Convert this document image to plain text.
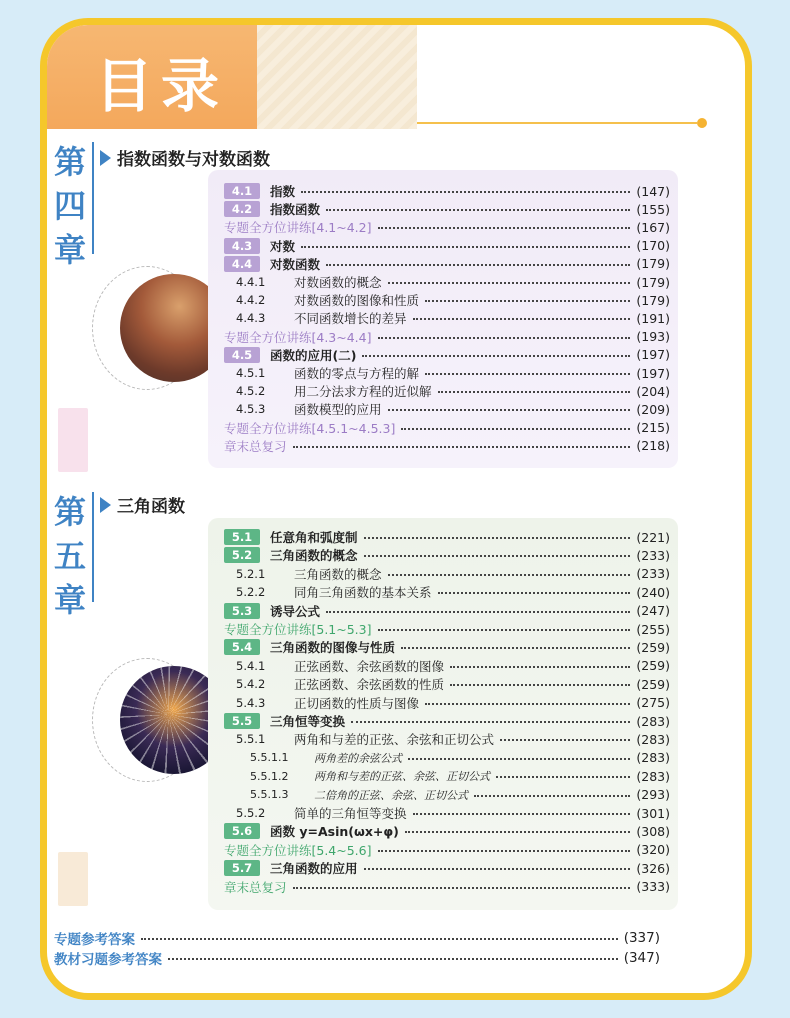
目录
第
四
章
指数函数与对数函数
4.1	指数	(147)
4.2	指数函数	(155)
专题全方位讲练[4.1~4.2]	(167)
4.3	对数	(170)
4.4	对数函数	(179)
4.4.1	对数函数的概念	(179)
4.4.2	对数函数的图像和性质	(179)
4.4.3	不同函数增长的差异	(191)
专题全方位讲练[4.3~4.4]	(193)
4.5	函数的应用(二)	(197)
4.5.1	函数的零点与方程的解	(197)
4.5.2	用二分法求方程的近似解	(204)
4.5.3	函数模型的应用	(209)
专题全方位讲练[4.5.1~4.5.3]	(215)
章末总复习	(218)
第
五
章
三角函数
5.1	任意角和弧度制	(221)
5.2	三角函数的概念	(233)
5.2.1	三角函数的概念	(233)
5.2.2	同角三角函数的基本关系	(240)
5.3	诱导公式	(247)
专题全方位讲练[5.1~5.3]	(255)
5.4	三角函数的图像与性质	(259)
5.4.1	正弦函数、余弦函数的图像	(259)
5.4.2	正弦函数、余弦函数的性质	(259)
5.4.3	正切函数的性质与图像	(275)
5.5	三角恒等变换	(283)
5.5.1	两角和与差的正弦、余弦和正切公式	(283)
5.5.1.1	两角差的余弦公式	(283)
5.5.1.2	两角和与差的正弦、余弦、正切公式	(283)
5.5.1.3	二倍角的正弦、余弦、正切公式	(293)
5.5.2	简单的三角恒等变换	(301)
5.6	函数 y=Asin(ωx+φ)	(308)
专题全方位讲练[5.4~5.6]	(320)
5.7	三角函数的应用	(326)
章末总复习	(333)
专题参考答案	(337)
教材习题参考答案	(347)
